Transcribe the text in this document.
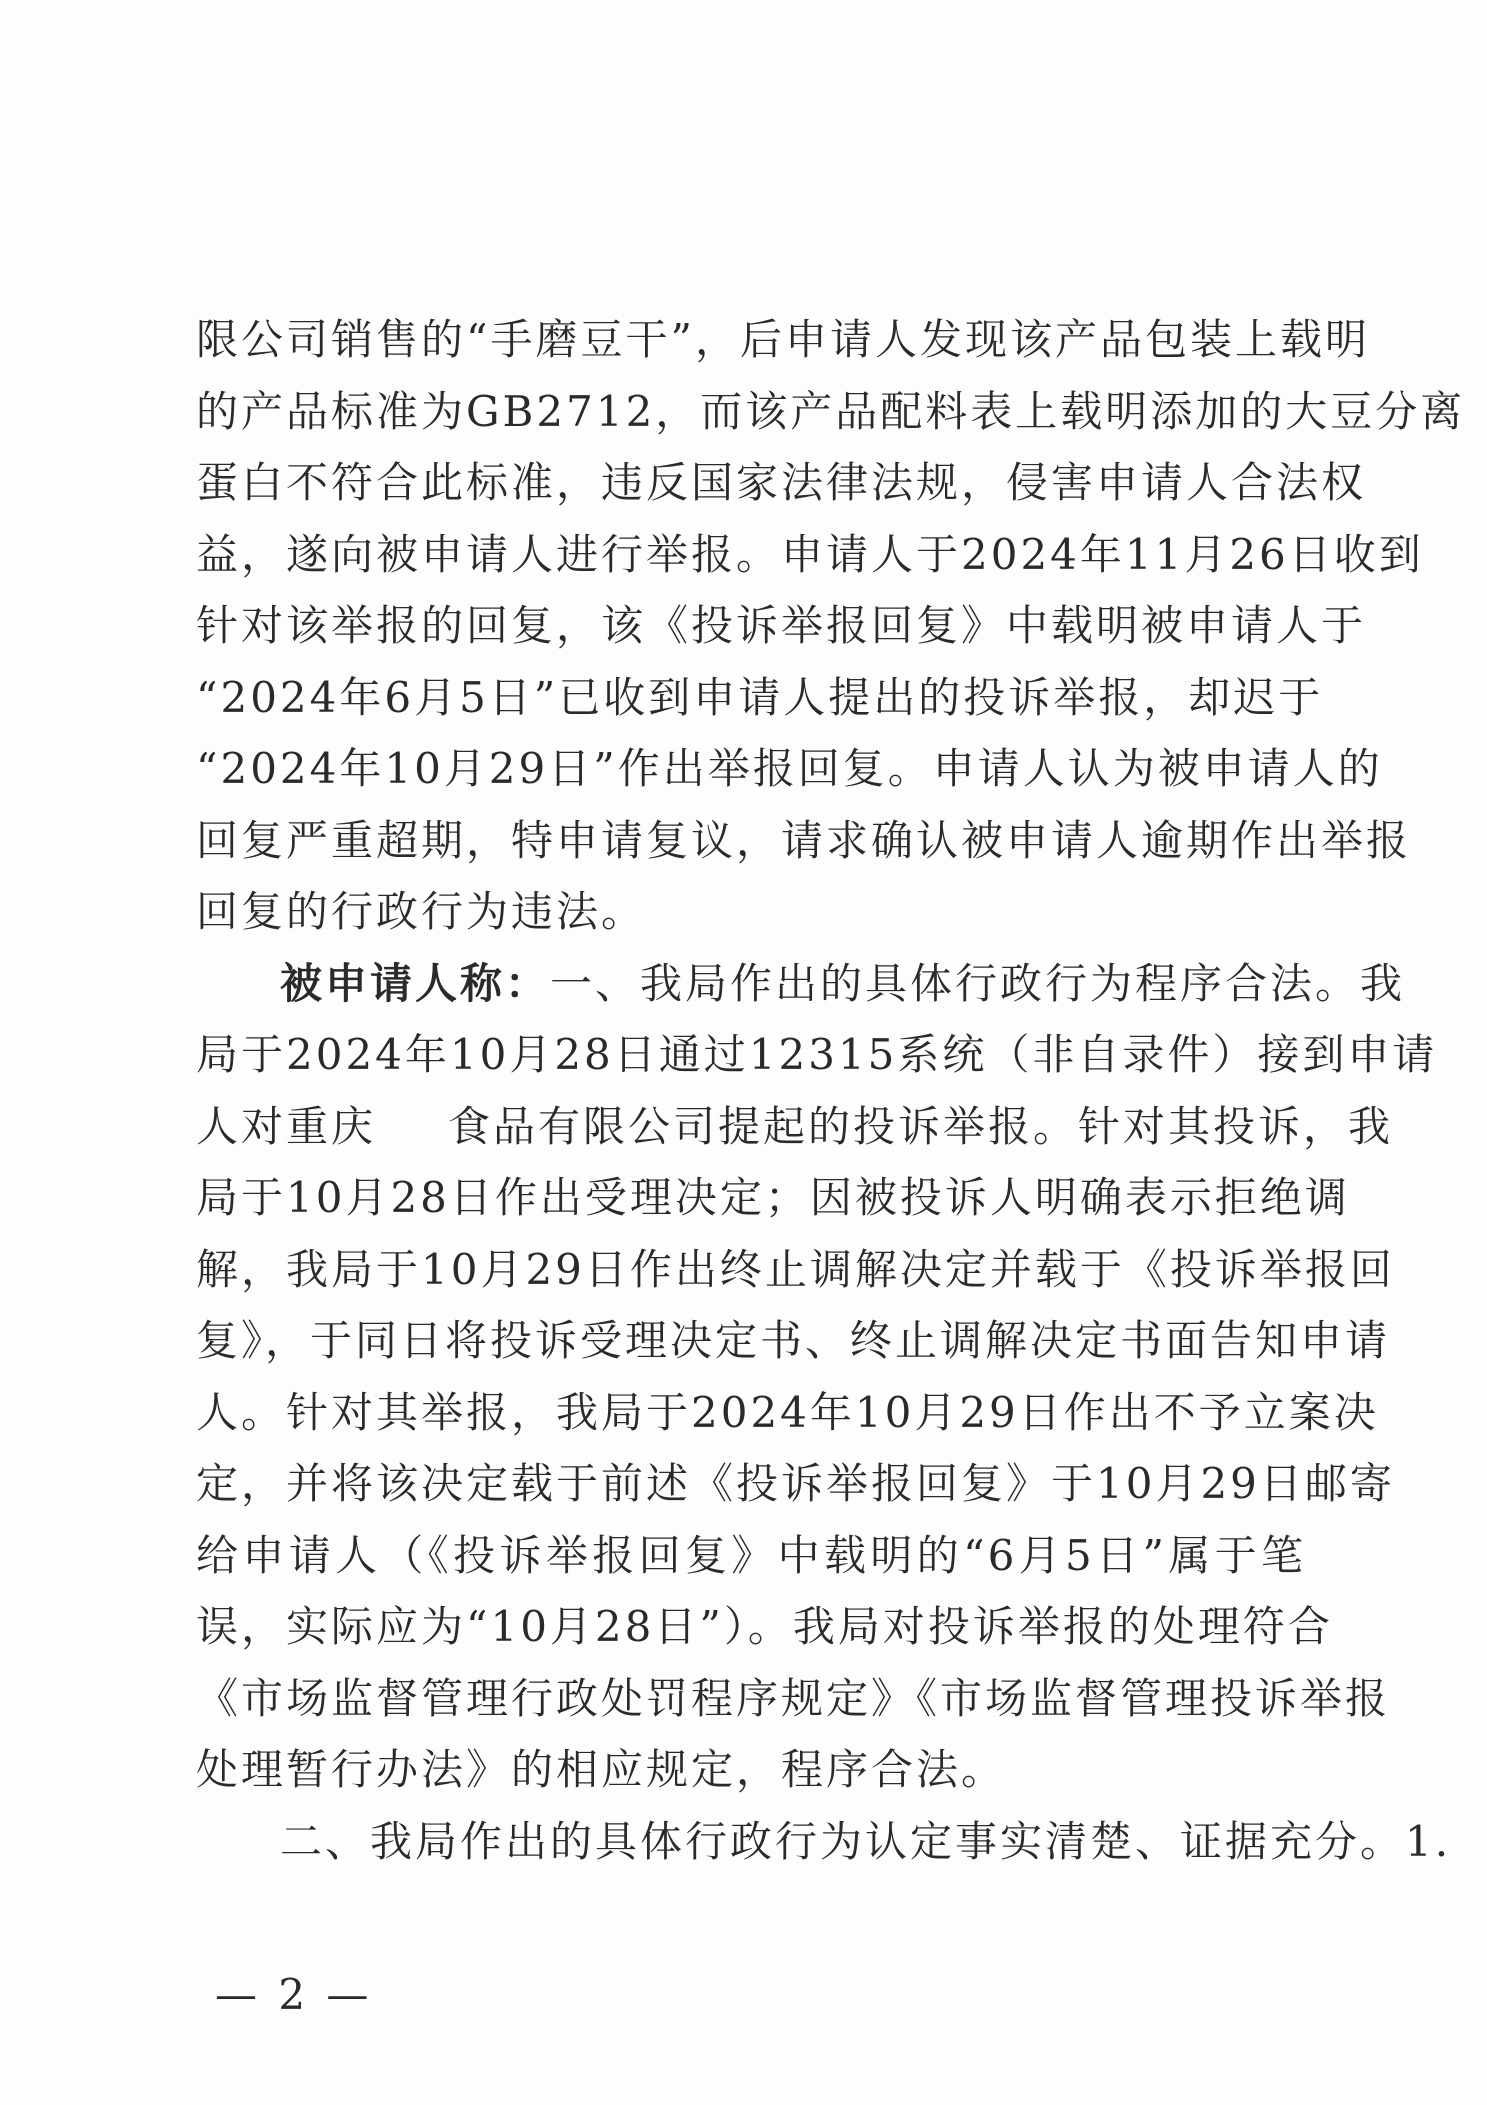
限公司销售的“手磨豆干”，后申请人发现该产品包装上载明
的产品标准为GB2712，而该产品配料表上载明添加的大豆分离
蛋白不符合此标准，违反国家法律法规，侵害申请人合法权
益，遂向被申请人进行举报。申请人于2024年11月26日收到
针对该举报的回复，该《投诉举报回复》中载明被申请人于
“2024年6月5日”已收到申请人提出的投诉举报，却迟于
“2024年10月29日”作出举报回复。申请人认为被申请人的
回复严重超期，特申请复议，请求确认被申请人逾期作出举报
回复的行政行为违法。
被申请人称：一、我局作出的具体行政行为程序合法。我
局于2024年10月28日通过12315系统（非自录件）接到申请
人对重庆 食品有限公司提起的投诉举报。针对其投诉，我
局于10月28日作出受理决定；因被投诉人明确表示拒绝调
解，我局于10月29日作出终止调解决定并载于《投诉举报回
复》，于同日将投诉受理决定书、终止调解决定书面告知申请
人。针对其举报，我局于2024年10月29日作出不予立案决
定，并将该决定载于前述《投诉举报回复》于10月29日邮寄
给申请人（《投诉举报回复》中载明的“6月5日”属于笔
误，实际应为“10月28日”）。我局对投诉举报的处理符合
《市场监督管理行政处罚程序规定》《市场监督管理投诉举报
处理暂行办法》的相应规定，程序合法。
二、我局作出的具体行政行为认定事实清楚、证据充分。1.
— 2 —
